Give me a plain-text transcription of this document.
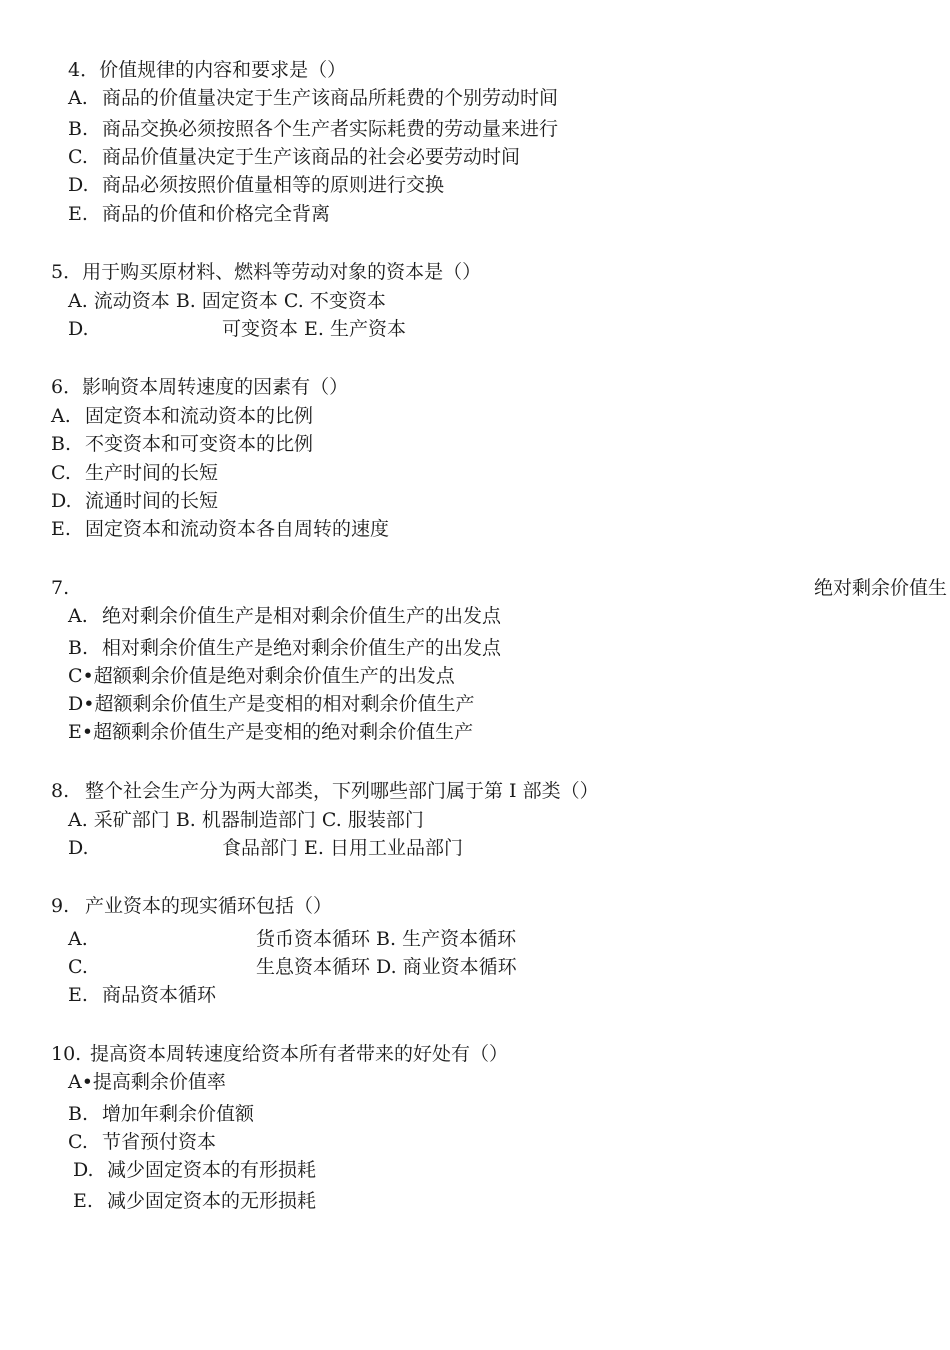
4．价值规律的内容和要求是（）
A. 商品的价值量决定于生产该商品所耗费的个别劳动时间
B. 商品交换必须按照各个生产者实际耗费的劳动量来进行
C. 商品价值量决定于生产该商品的社会必要劳动时间
D. 商品必须按照价值量相等的原则进行交换
E. 商品的价值和价格完全背离
5．用于购买原材料、燃料等劳动对象的资本是（）
A. 流动资本 B. 固定资本 C. 不变资本
D.	可变资本 E. 生产资本
6．影响资本周转速度的因素有（）
A. 固定资本和流动资本的比例
B. 不变资本和可变资本的比例
C. 生产时间的长短
D. 流通时间的长短
E. 固定资本和流动资本各自周转的速度
7.	绝对剩余价值生
A. 绝对剩余价值生产是相对剩余价值生产的出发点
B. 相对剩余价值生产是绝对剩余价值生产的出发点
C•超额剩余价值是绝对剩余价值生产的出发点
D•超额剩余价值生产是变相的相对剩余价值生产
E•超额剩余价值生产是变相的绝对剩余价值生产
8. 整个社会生产分为两大部类，下列哪些部门属于第 I 部类（）
A. 采矿部门 B. 机器制造部门 C. 服装部门
D.	食品部门 E. 日用工业品部门
9. 产业资本的现实循环包括（）
A.	货币资本循环 B. 生产资本循环
C.	生息资本循环 D. 商业资本循环
E. 商品资本循环
10. 提高资本周转速度给资本所有者带来的好处有（）
A•提高剩余价值率
B. 增加年剩余价值额
C. 节省预付资本
D. 减少固定资本的有形损耗
E. 减少固定资本的无形损耗
